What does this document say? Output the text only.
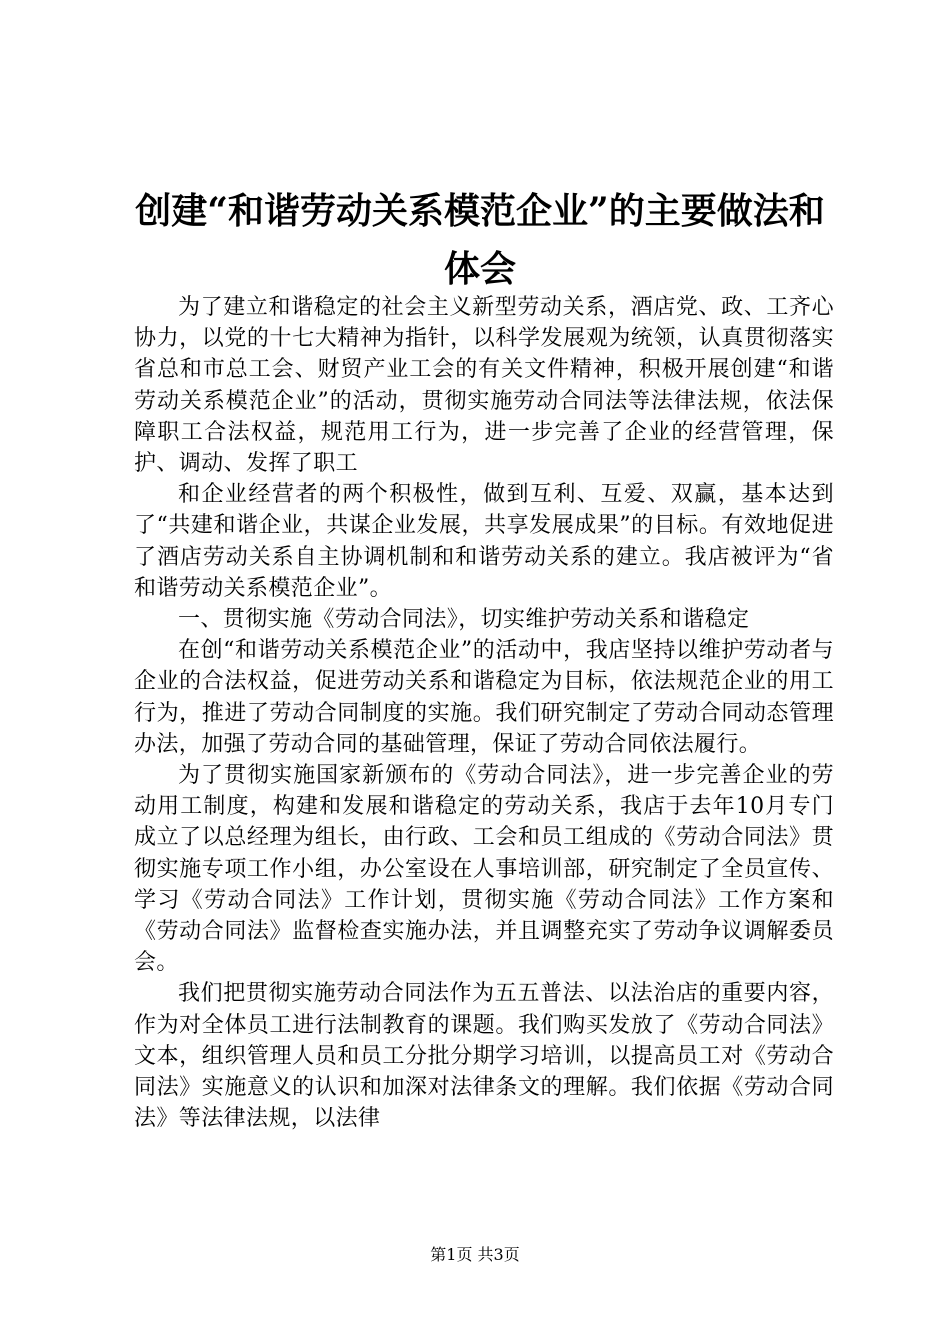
创建“和谐劳动关系模范企业”的主要做法和
体会

为了建立和谐稳定的社会主义新型劳动关系，酒店党、政、工齐心协力，以党的十七大精神为指针，以科学发展观为统领，认真贯彻落实省总和市总工会、财贸产业工会的有关文件精神，积极开展创建“和谐劳动关系模范企业”的活动，贯彻实施劳动合同法等法律法规，依法保障职工合法权益，规范用工行为，进一步完善了企业的经营管理，保护、调动、发挥了职工

和企业经营者的两个积极性，做到互利、互爱、双赢，基本达到了“共建和谐企业，共谋企业发展，共享发展成果”的目标。有效地促进了酒店劳动关系自主协调机制和和谐劳动关系的建立。我店被评为“省和谐劳动关系模范企业”。

一、贯彻实施《劳动合同法》，切实维护劳动关系和谐稳定

在创“和谐劳动关系模范企业”的活动中，我店坚持以维护劳动者与企业的合法权益，促进劳动关系和谐稳定为目标，依法规范企业的用工行为，推进了劳动合同制度的实施。我们研究制定了劳动合同动态管理办法，加强了劳动合同的基础管理，保证了劳动合同依法履行。

为了贯彻实施国家新颁布的《劳动合同法》，进一步完善企业的劳动用工制度，构建和发展和谐稳定的劳动关系，我店于去年10月专门成立了以总经理为组长，由行政、工会和员工组成的《劳动合同法》贯彻实施专项工作小组，办公室设在人事培训部，研究制定了全员宣传、学习《劳动合同法》工作计划，贯彻实施《劳动合同法》工作方案和《劳动合同法》监督检查实施办法，并且调整充实了劳动争议调解委员会。

我们把贯彻实施劳动合同法作为五五普法、以法治店的重要内容，作为对全体员工进行法制教育的课题。我们购买发放了《劳动合同法》文本，组织管理人员和员工分批分期学习培训，以提高员工对《劳动合同法》实施意义的认识和加深对法律条文的理解。我们依据《劳动合同法》等法律法规，以法律

第1页 共3页
